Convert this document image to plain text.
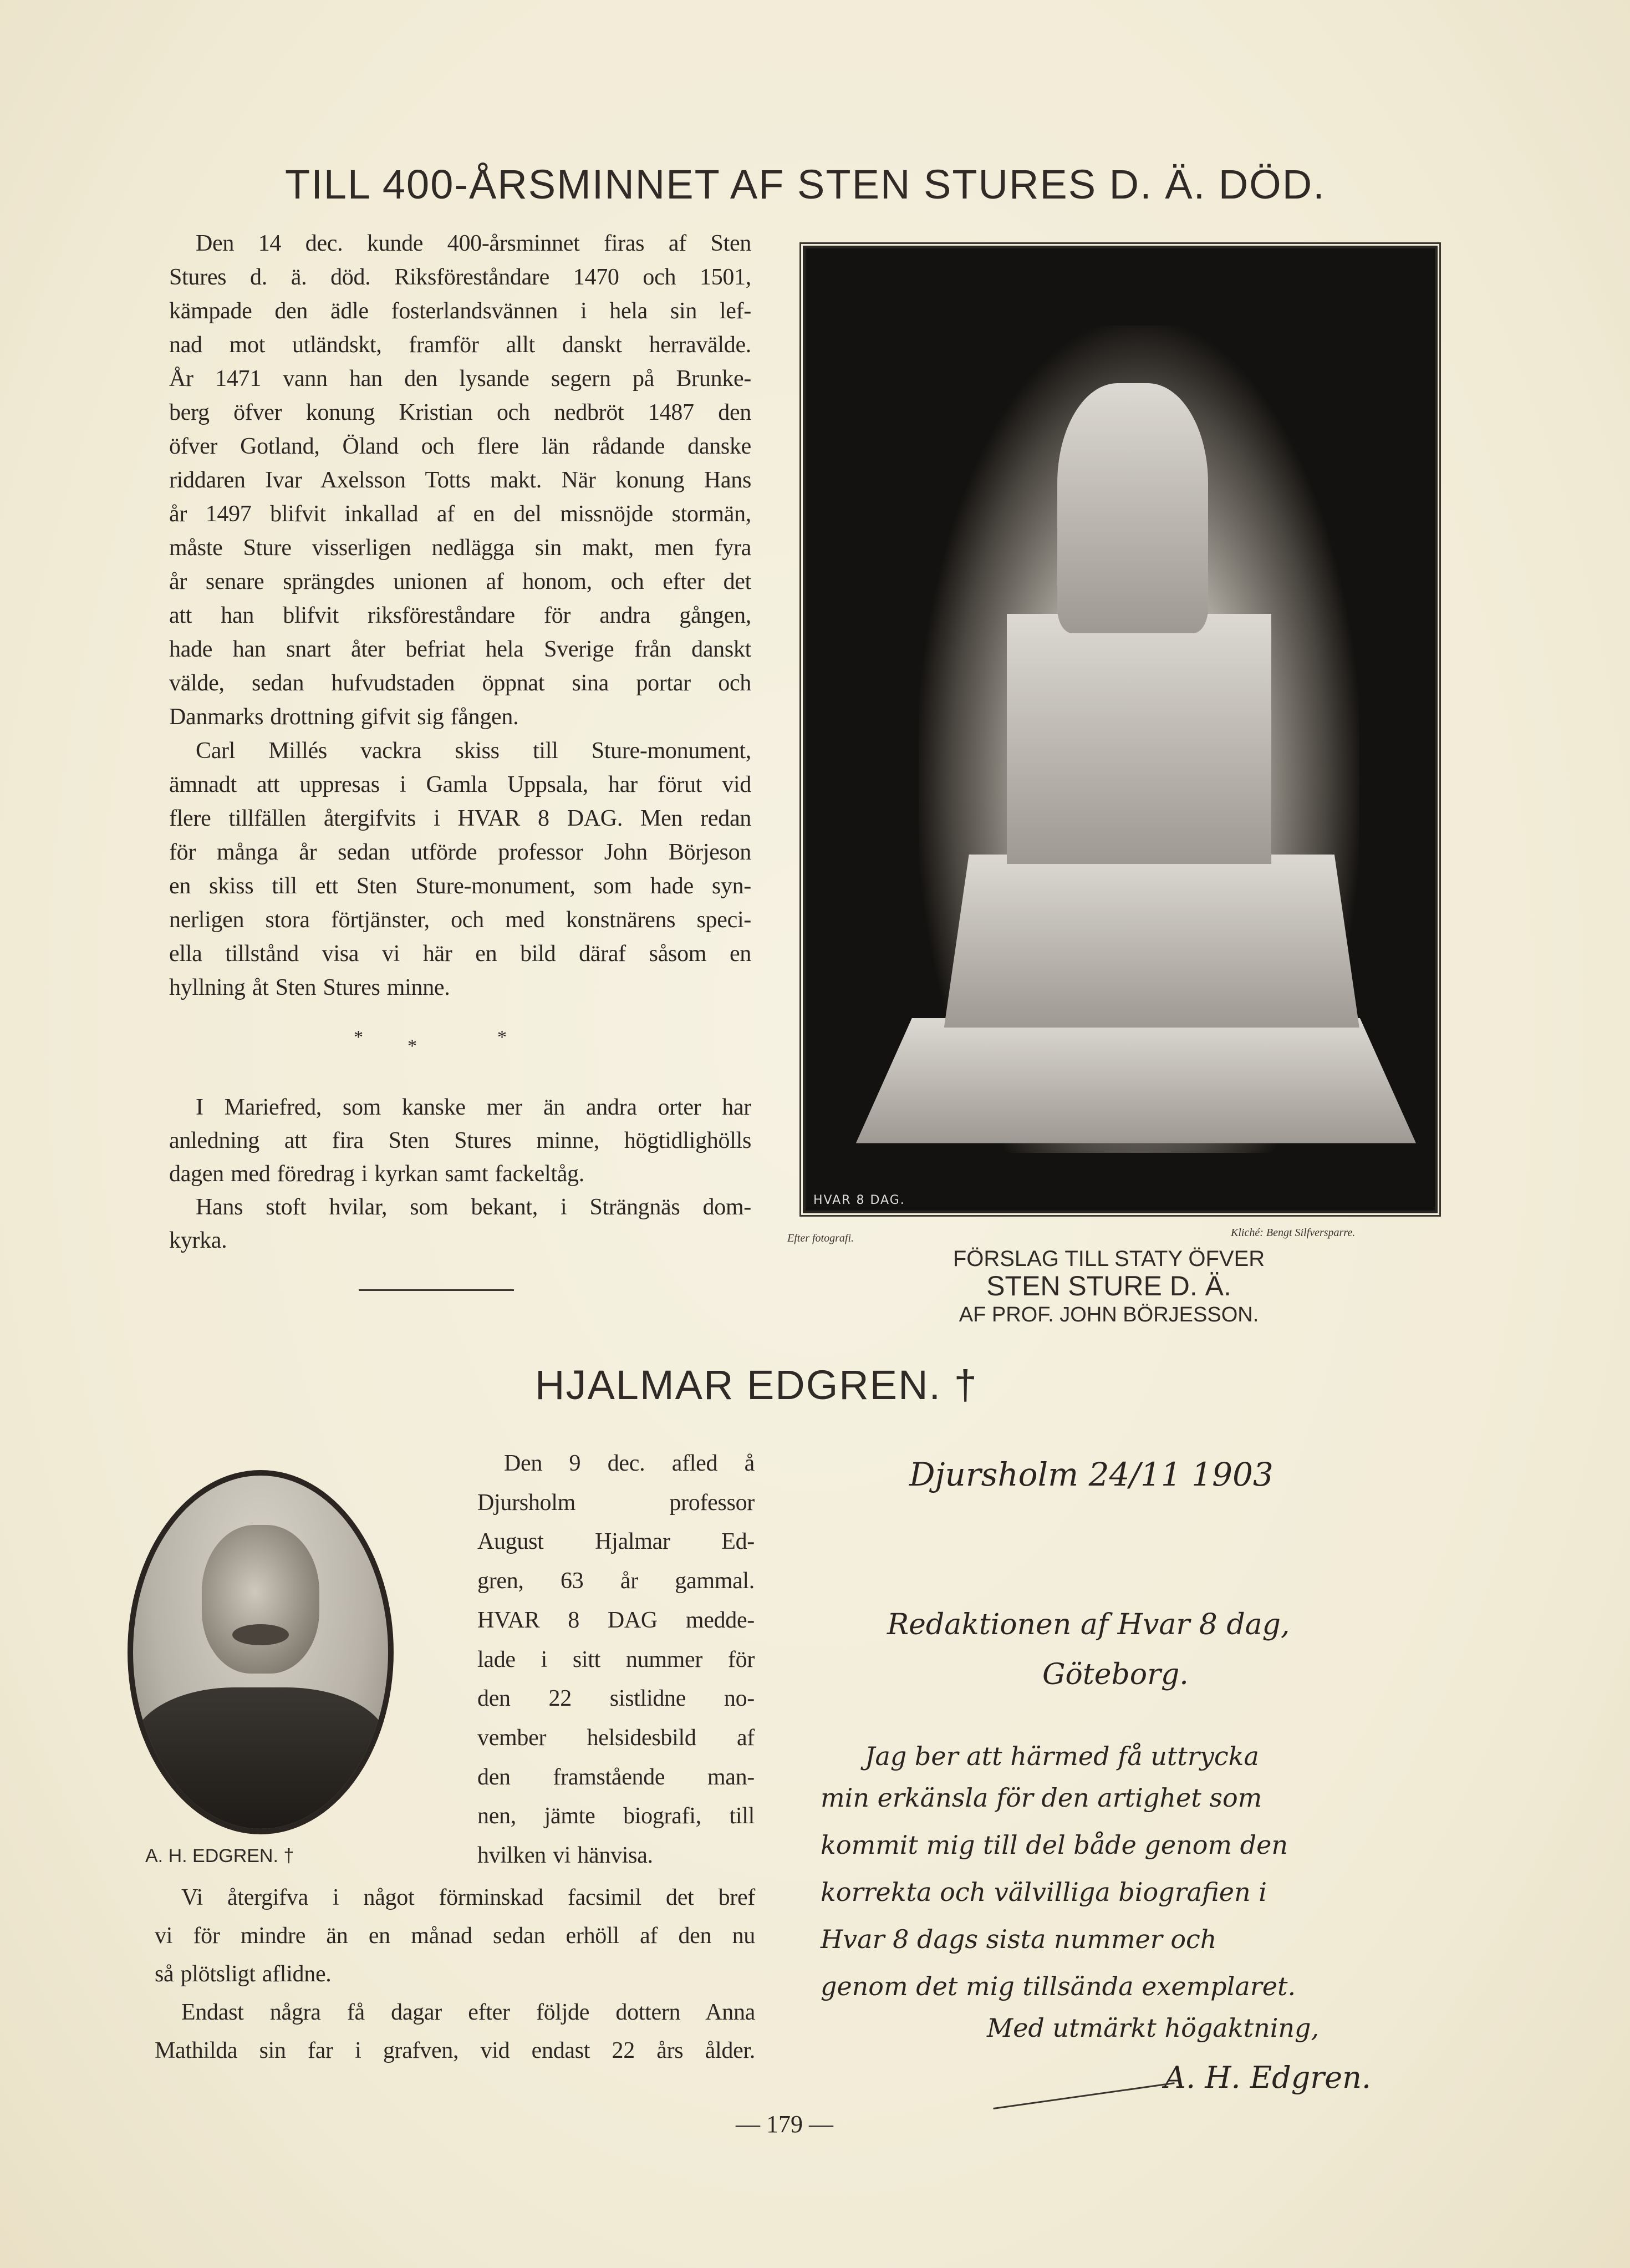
TILL 400-ÅRSMINNET AF STEN STURES D. Ä. DÖD.
Den 14 dec. kunde 400-årsminnet firas af Sten
Stures d. ä. död. Riksföreståndare 1470 och 1501,
kämpade den ädle fosterlandsvännen i hela sin lef-
nad mot utländskt, framför allt danskt herravälde.
År 1471 vann han den lysande segern på Brunke-
berg öfver konung Kristian och nedbröt 1487 den
öfver Gotland, Öland och flere län rådande danske
riddaren Ivar Axelsson Totts makt. När konung Hans
år 1497 blifvit inkallad af en del missnöjde stormän,
måste Sture visserligen nedlägga sin makt, men fyra
år senare sprängdes unionen af honom, och efter det
att han blifvit riksföreståndare för andra gången,
hade han snart åter befriat hela Sverige från danskt
välde, sedan hufvudstaden öppnat sina portar och
Danmarks drottning gifvit sig fången.
Carl Millés vackra skiss till Sture-monument,
ämnadt att uppresas i Gamla Uppsala, har förut vid
flere tillfällen återgifvits i HVAR 8 DAG. Men redan
för många år sedan utförde professor John Börjeson
en skiss till ett Sten Sture-monument, som hade syn-
nerligen stora förtjänster, och med konstnärens speci-
ella tillstånd visa vi här en bild däraf såsom en
hyllning åt Sten Stures minne.
* *	*
I Mariefred, som kanske mer än andra orter har
anledning att fira Sten Stures minne, högtidlighölls
dagen med föredrag i kyrkan samt fackeltåg.
Hans stoft hvilar, som bekant, i Strängnäs dom-
kyrka.
HVAR 8 DAG.
Efter fotografi.	Kliché: Bengt Silfversparre.
FÖRSLAG TILL STATY ÖFVER
STEN STURE D. Ä.
AF PROF. JOHN BÖRJESSON.
HJALMAR EDGREN. †
A. H. EDGREN. †
Den 9 dec. afled å
Djursholm professor
August Hjalmar Ed-
gren, 63 år gammal.
HVAR 8 DAG medde-
lade i sitt nummer för
den 22 sistlidne no-
vember helsidesbild af
den framstående man-
nen, jämte biografi, till
hvilken vi hänvisa.
Vi återgifva i något förminskad facsimil det bref
vi för mindre än en månad sedan erhöll af den nu
så plötsligt aflidne.
Endast några få dagar efter följde dottern Anna
Mathilda sin far i grafven, vid endast 22 års ålder.
Djursholm 24/11 1903
Redaktionen af Hvar 8 dag,
Göteborg.
Jag ber att härmed få uttrycka
min erkänsla för den artighet som
kommit mig till del både genom den
korrekta och välvilliga biografien i
Hvar 8 dags sista nummer och
genom det mig tillsända exemplaret.
Med utmärkt högaktning,
A. H. Edgren.
— 179 —
